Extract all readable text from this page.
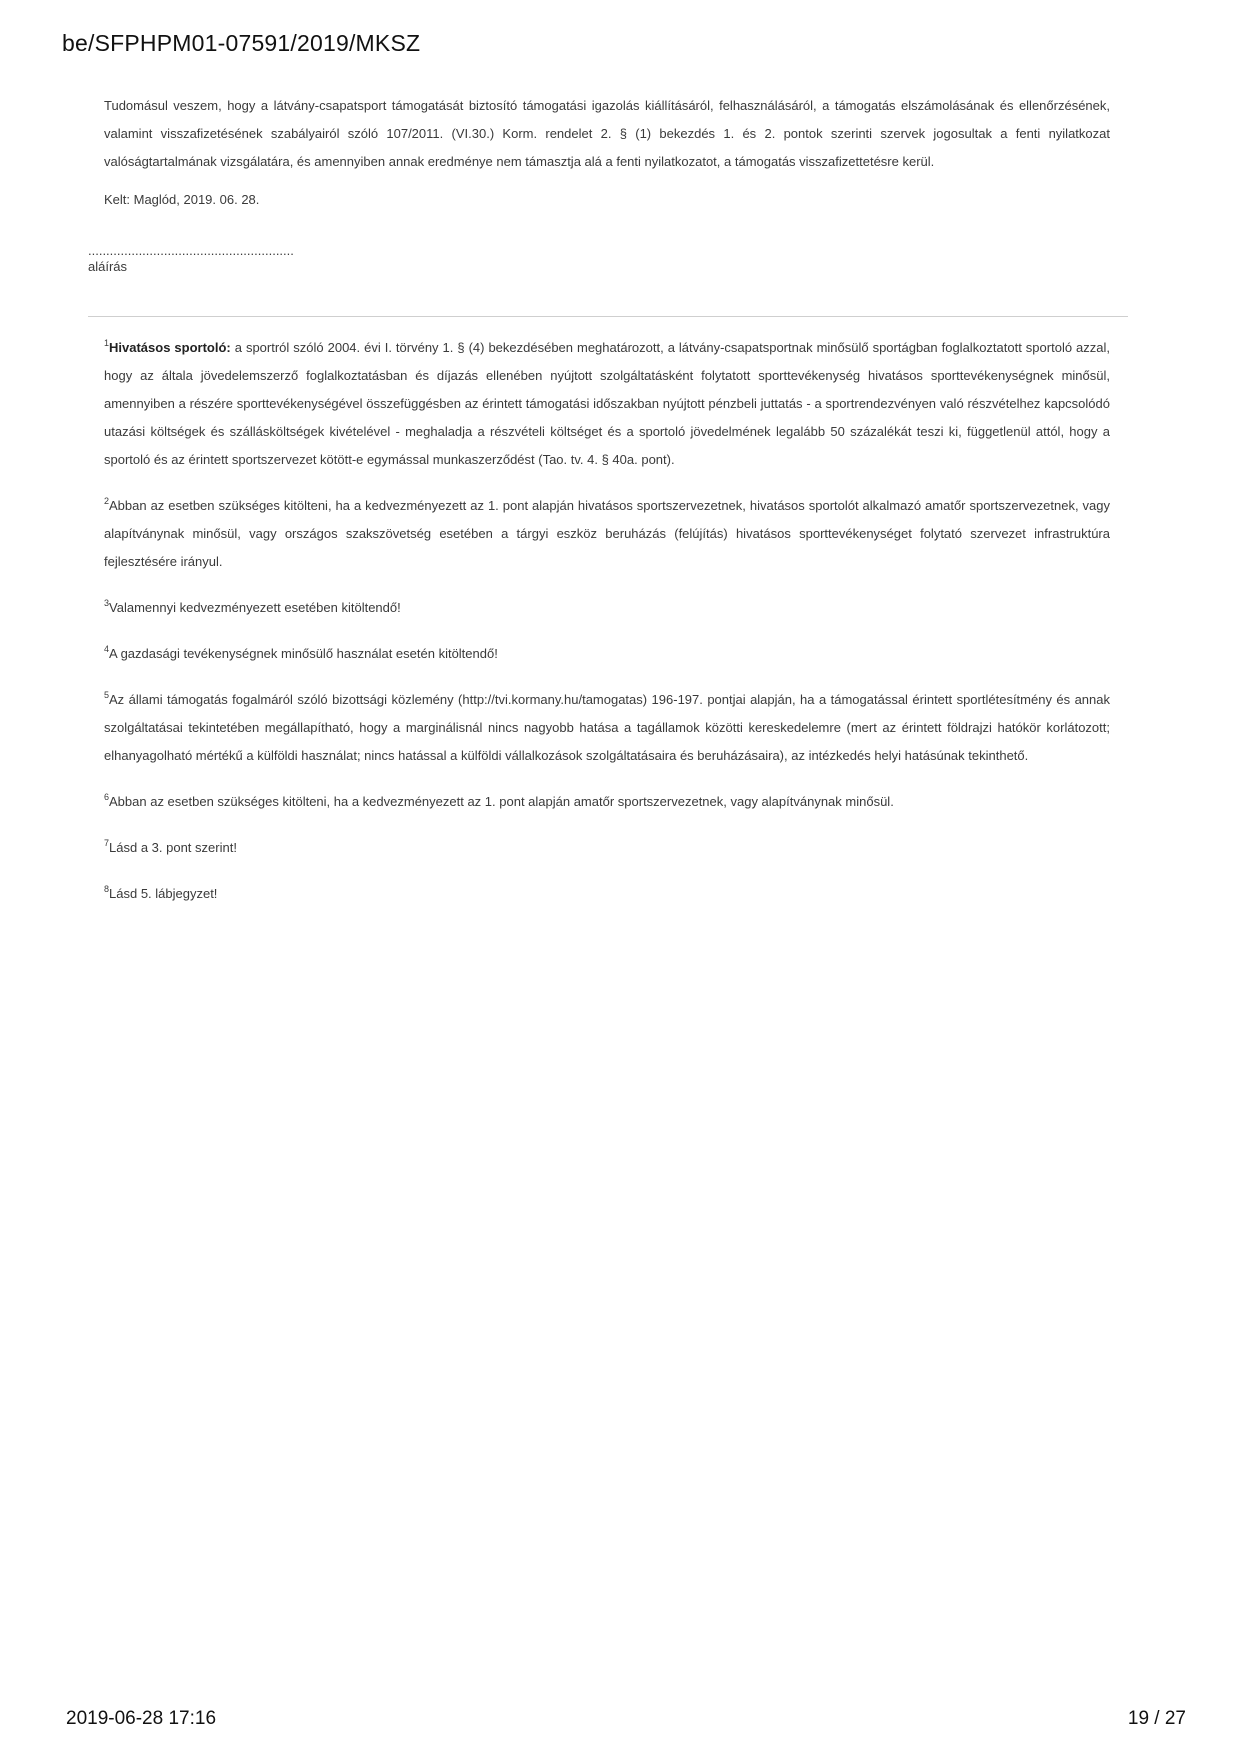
be/SFPHPM01-07591/2019/MKSZ

Tudomásul veszem, hogy a látvány-csapatsport támogatását biztosító támogatási igazolás kiállításáról, felhasználásáról, a támogatás elszámolásának és ellenőrzésének, valamint visszafizetésének szabályairól szóló 107/2011. (VI.30.) Korm. rendelet 2. § (1) bekezdés 1. és 2. pontok szerinti szervek jogosultak a fenti nyilatkozat valóságtartalmának vizsgálatára, és amennyiben annak eredménye nem támasztja alá a fenti nyilatkozatot, a támogatás visszafizettetésre kerül.

Kelt: Maglód, 2019. 06. 28.

.........................................................
aláírás

$^1$Hivatásos sportoló: a sportról szóló 2004. évi I. törvény 1. § (4) bekezdésében meghatározott, a látvány-csapatsportnak minősülő sportágban foglalkoztatott sportoló azzal, hogy az általa jövedelemszerző foglalkoztatásban és díjazás ellenében nyújtott szolgáltatásként folytatott sporttevékenység hivatásos sporttevékenységnek minősül, amennyiben a részére sporttevékenységével összefüggésben az érintett támogatási időszakban nyújtott pénzbeli juttatás - a sportrendezvényen való részvételhez kapcsolódó utazási költségek és szállásköltségek kivételével - meghaladja a részvételi költséget és a sportoló jövedelmének legalább 50 százalékát teszi ki, függetlenül attól, hogy a sportoló és az érintett sportszervezet kötött-e egymással munkaszerződést (Tao. tv. 4. § 40a. pont).

$^2$Abban az esetben szükséges kitölteni, ha a kedvezményezett az 1. pont alapján hivatásos sportszervezetnek, hivatásos sportolót alkalmazó amatőr sportszervezetnek, vagy alapítványnak minősül, vagy országos szakszövetség esetében a tárgyi eszköz beruházás (felújítás) hivatásos sporttevékenységet folytató szervezet infrastruktúra fejlesztésére irányul.

$^3$Valamennyi kedvezményezett esetében kitöltendő!

$^4$A gazdasági tevékenységnek minősülő használat esetén kitöltendő!

$^5$Az állami támogatás fogalmáról szóló bizottsági közlemény (http://tvi.kormany.hu/tamogatas) 196-197. pontjai alapján, ha a támogatással érintett sportlétesítmény és annak szolgáltatásai tekintetében megállapítható, hogy a marginálisnál nincs nagyobb hatása a tagállamok közötti kereskedelemre (mert az érintett földrajzi hatókör korlátozott; elhanyagolható mértékű a külföldi használat; nincs hatással a külföldi vállalkozások szolgáltatásaira és beruházásaira), az intézkedés helyi hatásúnak tekinthető.

$^6$Abban az esetben szükséges kitölteni, ha a kedvezményezett az 1. pont alapján amatőr sportszervezetnek, vagy alapítványnak minősül.

$^7$Lásd a 3. pont szerint!

$^8$Lásd 5. lábjegyzet!

2019-06-28 17:16	19 / 27
